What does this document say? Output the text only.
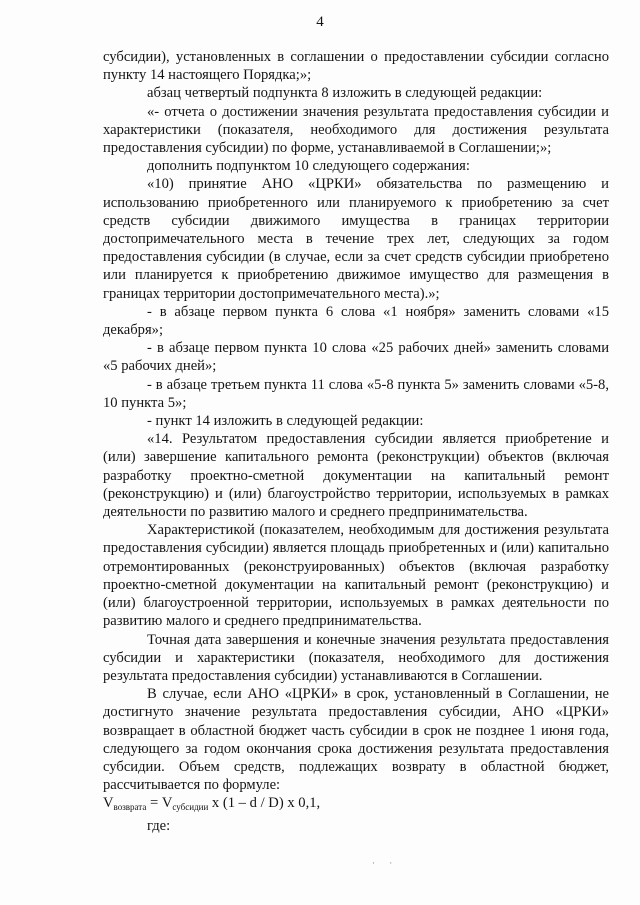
4

субсидии), установленных в соглашении о предоставлении субсидии согласно пункту 14 настоящего Порядка;»;

абзац четвертый подпункта 8 изложить в следующей редакции:

«- отчета о достижении значения результата предоставления субсидии и характеристики (показателя, необходимого для достижения результата предоставления субсидии) по форме, устанавливаемой в Соглашении;»;

дополнить подпунктом 10 следующего содержания:

«10) принятие АНО «ЦРКИ» обязательства по размещению и использованию приобретенного или планируемого к приобретению за счет средств субсидии движимого имущества в границах территории достопримечательного места в течение трех лет, следующих за годом предоставления субсидии (в случае, если за счет средств субсидии приобретено или планируется к приобретению движимое имущество для размещения в границах территории достопримечательного места).»;

- в абзаце первом пункта 6 слова «1 ноября» заменить словами «15 декабря»;

- в абзаце первом пункта 10 слова «25 рабочих дней» заменить словами «5 рабочих дней»;

- в абзаце третьем пункта 11 слова «5-8 пункта 5» заменить словами «5-8, 10 пункта 5»;

- пункт 14 изложить в следующей редакции:

«14. Результатом предоставления субсидии является приобретение и (или) завершение капитального ремонта (реконструкции) объектов (включая разработку проектно-сметной документации на капитальный ремонт (реконструкцию) и (или) благоустройство территории, используемых в рамках деятельности по развитию малого и среднего предпринимательства.

Характеристикой (показателем, необходимым для достижения результата предоставления субсидии) является площадь приобретенных и (или) капитально отремонтированных (реконструированных) объектов (включая разработку проектно-сметной документации на капитальный ремонт (реконструкцию) и (или) благоустроенной территории, используемых в рамках деятельности по развитию малого и среднего предпринимательства.

Точная дата завершения и конечные значения результата предоставления субсидии и характеристики (показателя, необходимого для достижения результата предоставления субсидии) устанавливаются в Соглашении.

В случае, если АНО «ЦРКИ» в срок, установленный в Соглашении, не достигнуто значение результата предоставления субсидии, АНО «ЦРКИ» возвращает в областной бюджет часть субсидии в срок не позднее 1 июня года, следующего за годом окончания срока достижения результата предоставления субсидии. Объем средств, подлежащих возврату в областной бюджет, рассчитывается по формуле:

$V_{возврата} = V_{субсидии}$ x (1 – d / D) x 0,1,

где:

· ·
